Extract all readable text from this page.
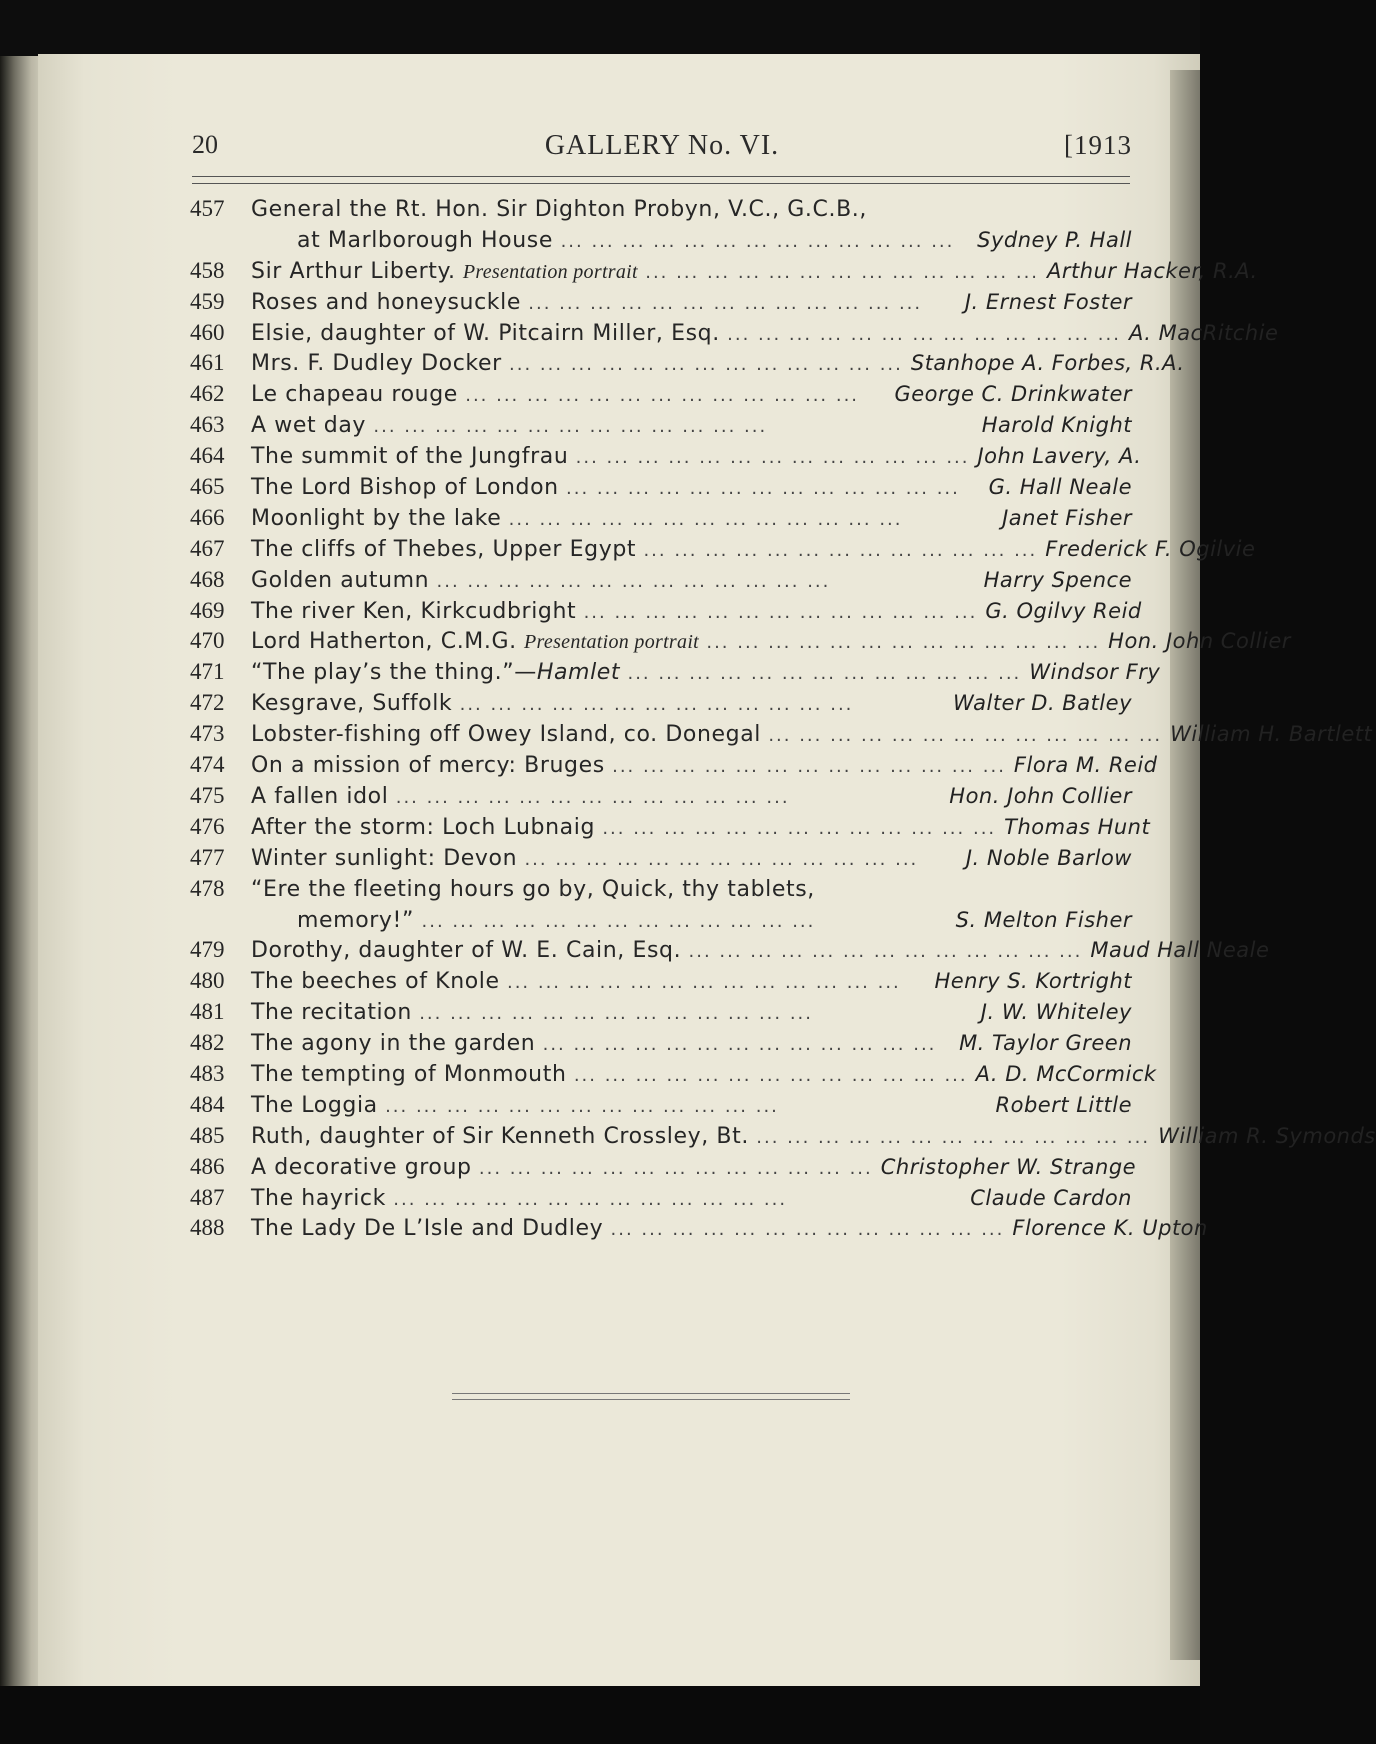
20	GALLERY No. VI.	[1913
457	General the Rt. Hon. Sir Dighton Probyn, V.C., G.C.B.,
at Marlborough House ... ... ... ... ... ... ... ... ... ... ... ... ...	Sydney P. Hall
458	Sir Arthur Liberty. Presentation portrait ... ... ... ... ... ... ... ... ... ... ... ... ... Arthur Hacker, R.A.
459	Roses and honeysuckle ... ... ... ... ... ... ... ... ... ... ... ... ...	J. Ernest Foster
460	Elsie, daughter of W. Pitcairn Miller, Esq. ... ... ... ... ... ... ... ... ... ... ... ... ... A. MacRitchie
461	Mrs. F. Dudley Docker ... ... ... ... ... ... ... ... ... ... ... ... ... Stanhope A. Forbes, R.A.
462	Le chapeau rouge ... ... ... ... ... ... ... ... ... ... ... ... ...	George C. Drinkwater
463	A wet day ... ... ... ... ... ... ... ... ... ... ... ... ...	Harold Knight
464	The summit of the Jungfrau ... ... ... ... ... ... ... ... ... ... ... ... ... John Lavery, A.
465	The Lord Bishop of London ... ... ... ... ... ... ... ... ... ... ... ... ...	G. Hall Neale
466	Moonlight by the lake ... ... ... ... ... ... ... ... ... ... ... ... ...	Janet Fisher
467	The cliffs of Thebes, Upper Egypt ... ... ... ... ... ... ... ... ... ... ... ... ... Frederick F. Ogilvie
468	Golden autumn ... ... ... ... ... ... ... ... ... ... ... ... ...	Harry Spence
469	The river Ken, Kirkcudbright ... ... ... ... ... ... ... ... ... ... ... ... ... G. Ogilvy Reid
470	Lord Hatherton, C.M.G. Presentation portrait ... ... ... ... ... ... ... ... ... ... ... ... ... Hon. John Collier
471	“The play’s the thing.”—Hamlet ... ... ... ... ... ... ... ... ... ... ... ... ... Windsor Fry
472	Kesgrave, Suffolk ... ... ... ... ... ... ... ... ... ... ... ... ...	Walter D. Batley
473	Lobster-fishing off Owey Island, co. Donegal ... ... ... ... ... ... ... ... ... ... ... ... ... William H. Bartlett
474	On a mission of mercy: Bruges ... ... ... ... ... ... ... ... ... ... ... ... ... Flora M. Reid
475	A fallen idol ... ... ... ... ... ... ... ... ... ... ... ... ...	Hon. John Collier
476	After the storm: Loch Lubnaig ... ... ... ... ... ... ... ... ... ... ... ... ... Thomas Hunt
477	Winter sunlight: Devon ... ... ... ... ... ... ... ... ... ... ... ... ...	J. Noble Barlow
478	“Ere the fleeting hours go by, Quick, thy tablets,
memory!” ... ... ... ... ... ... ... ... ... ... ... ... ...	S. Melton Fisher
479	Dorothy, daughter of W. E. Cain, Esq. ... ... ... ... ... ... ... ... ... ... ... ... ... Maud Hall Neale
480	The beeches of Knole ... ... ... ... ... ... ... ... ... ... ... ... ...	Henry S. Kortright
481	The recitation ... ... ... ... ... ... ... ... ... ... ... ... ...	J. W. Whiteley
482	The agony in the garden ... ... ... ... ... ... ... ... ... ... ... ... ...	M. Taylor Green
483	The tempting of Monmouth ... ... ... ... ... ... ... ... ... ... ... ... ... A. D. McCormick
484	The Loggia ... ... ... ... ... ... ... ... ... ... ... ... ...	Robert Little
485	Ruth, daughter of Sir Kenneth Crossley, Bt. ... ... ... ... ... ... ... ... ... ... ... ... ... William R. Symonds
486	A decorative group ... ... ... ... ... ... ... ... ... ... ... ... ... Christopher W. Strange
487	The hayrick ... ... ... ... ... ... ... ... ... ... ... ... ...	Claude Cardon
488	The Lady De L’Isle and Dudley ... ... ... ... ... ... ... ... ... ... ... ... ... Florence K. Upton
